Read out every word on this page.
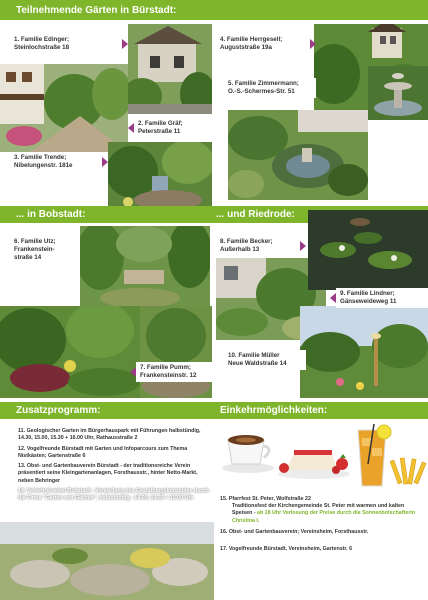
Teilnehmende Gärten in Bürstadt:
1. Familie Edinger;
Steinlochstraße 18
2. Familie Gräf;
Peterstraße 11
3. Familie Trende;
Nibelungenstr. 181e
4. Familie Herrgesell;
Auguststraße 19a
5. Familie Zimmermann;
O.-S.-Schermes-Str. 51
... in Bobstadt:	... und Riedrode:
6. Familie Utz;
Frankenstein-
straße 14
7. Familie Pumm;
Frankensteinstr. 12
8. Familie Becker;
Außerhalb 13
9. Familie Lindner;
Gänseweideweg 11
10. Familie Müller
Neue Waldstraße 14
Zusatzprogramm:	Einkehrmöglichkeiten:
11. Geologischer Garten im Bürgerhauspark mit Führungen halbstündig, 14.30, 15.00, 15.30 + 16.00 Uhr, Rathausstraße 2
12. Vogelfreunde Bürstadt mit Garten und Infoparcours zum Thema Nistkästen; Gartenstraße 6
13. Obst- und Gartenbauverein Bürstadt - der traditionsreiche Verein präsentiert seine Kleingartenanlagen, Forsthausstr., hinter Netto-Markt, neben Behringer
14. Verkehrskreisel Bobstadt - Vorstellung des Gestaltungskonzeptes durch die Firma "Garten von Gärtner", halbstündig - 14.00, 14.30 + 15.00 Uhr	15. Pfarrfest St. Peter, Wolfstraße 22
Traditionsfest der Kirchengemeinde St. Peter mit warmen und kalten Speisen - ab 18 Uhr Verlosung der Preise durch die Sonnenbotschafterin Christina I.
16. Obst- und Gartenbauverein; Vereinsheim, Forsthausstr.
17. Vogelfreunde Bürstadt, Vereinsheim, Gartenstr. 6
